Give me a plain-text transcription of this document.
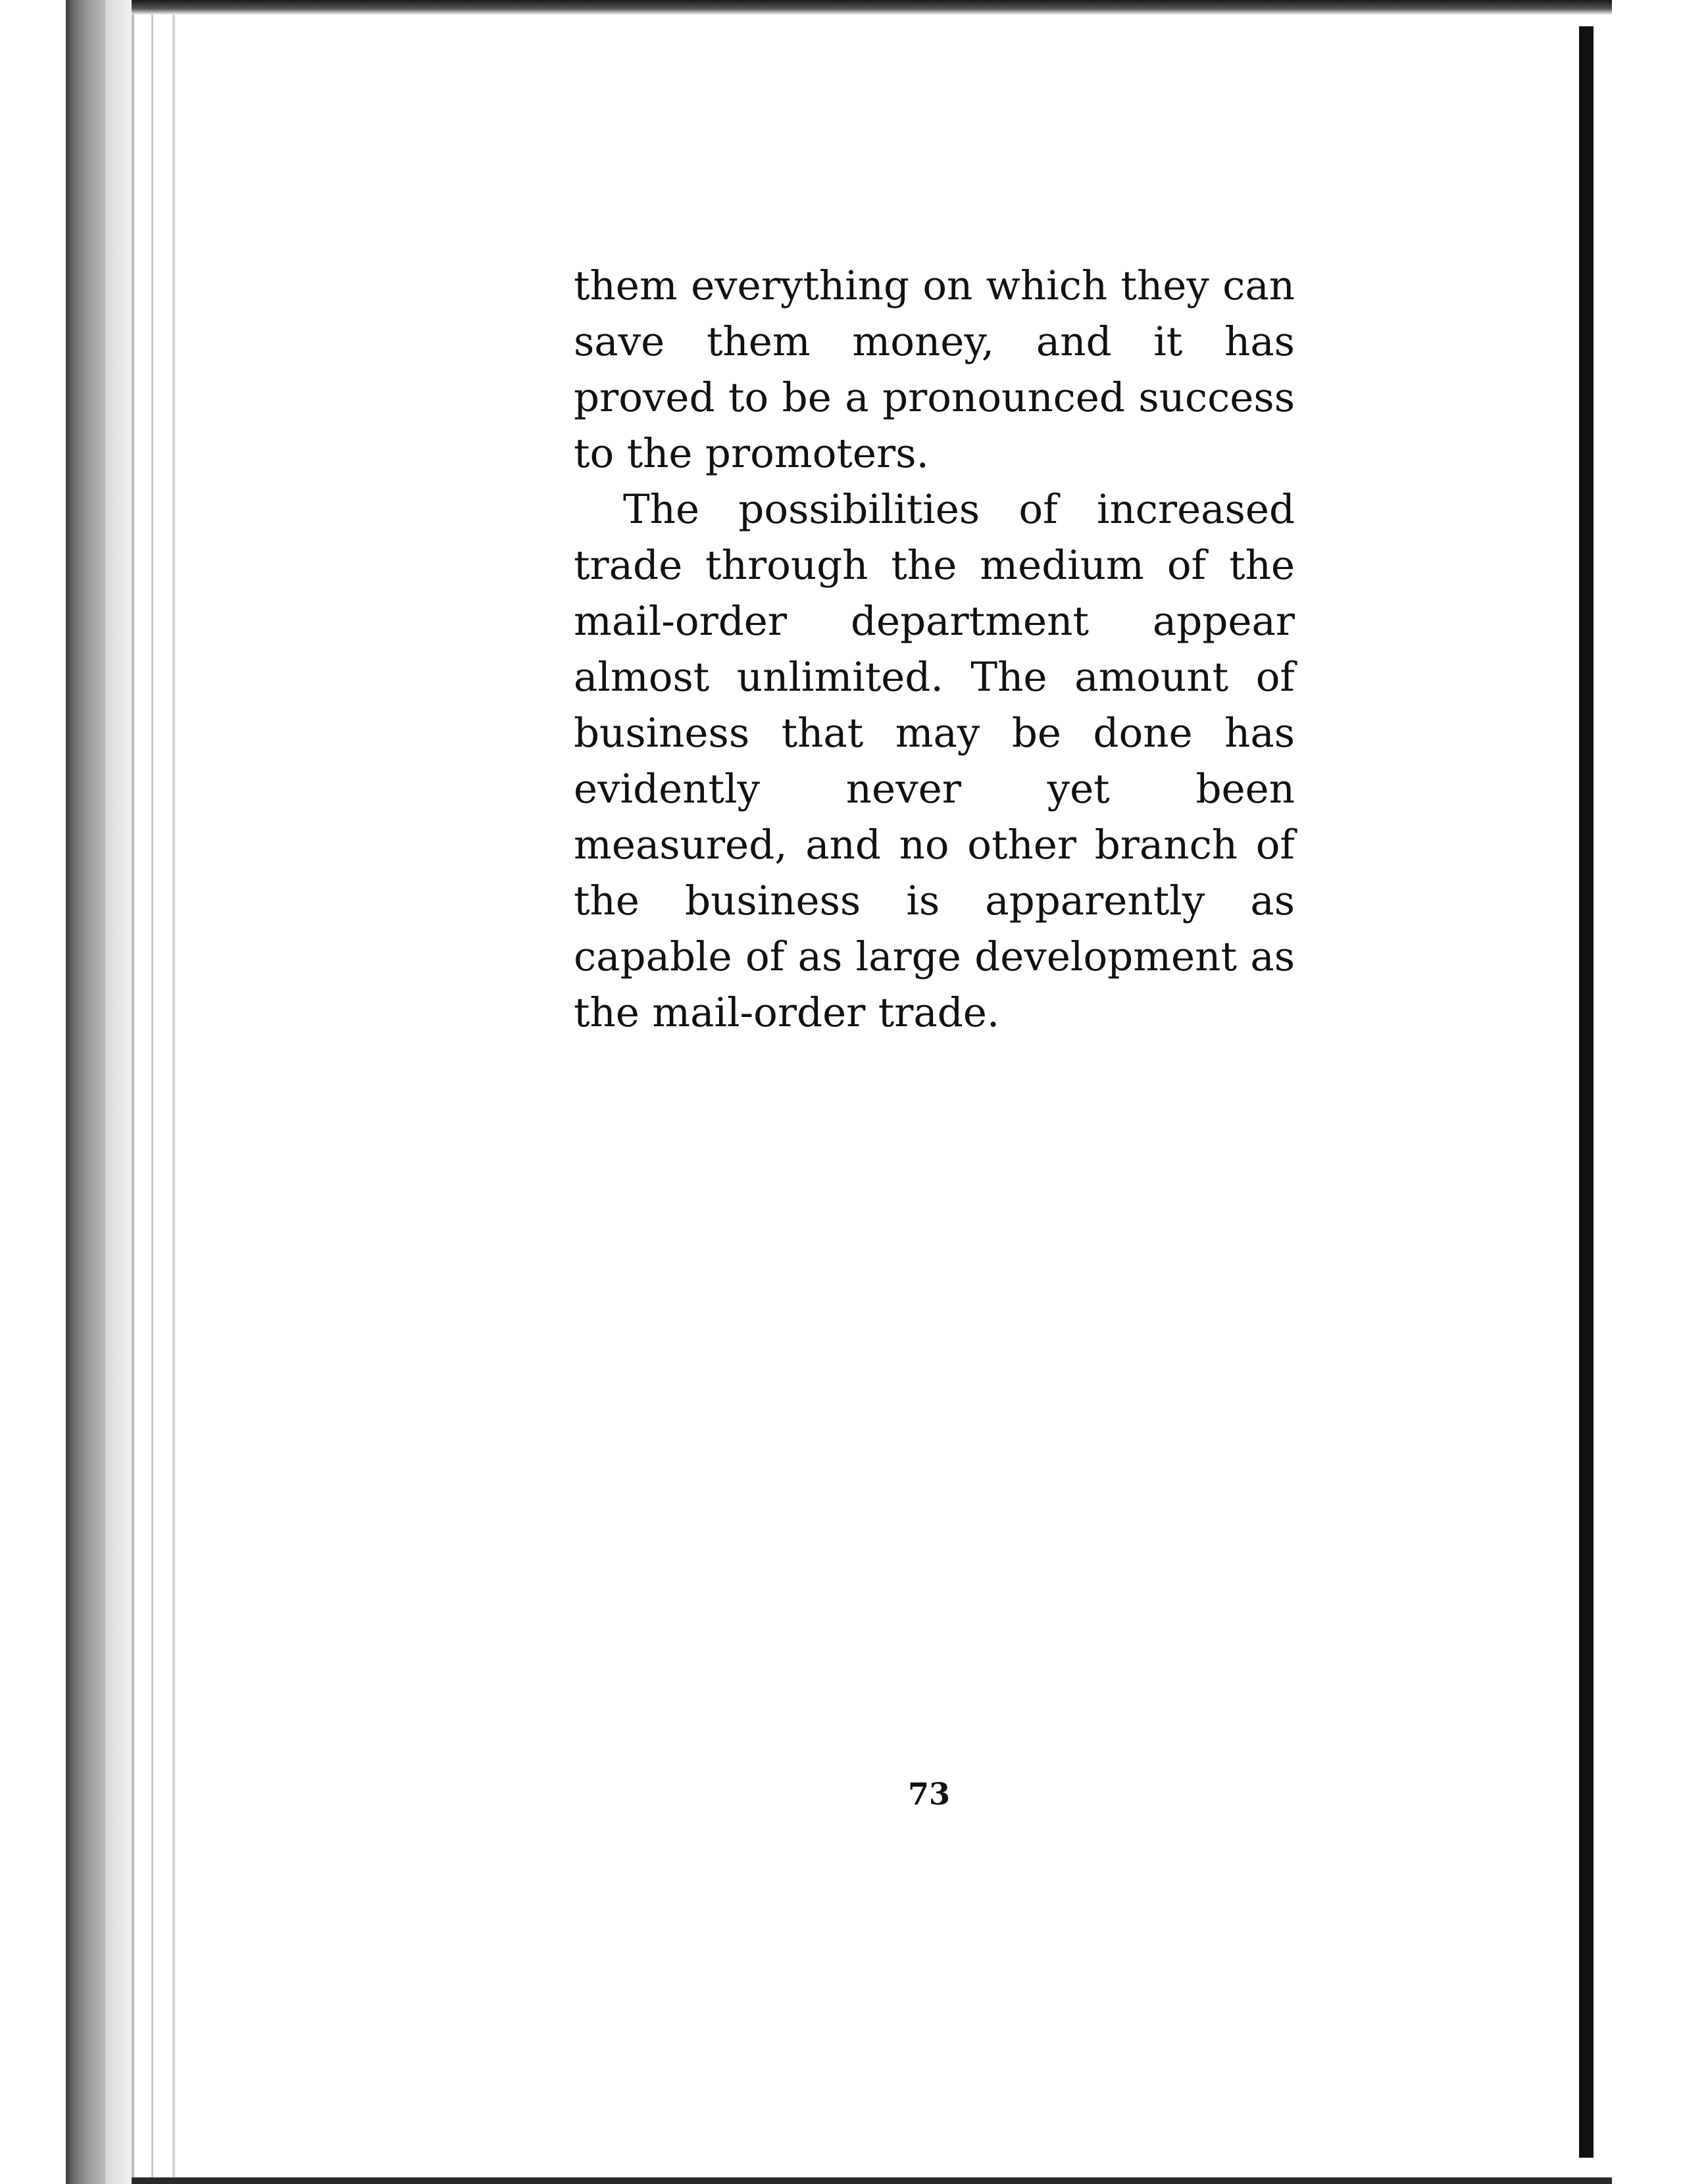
them everything on which they can save them money, and it has proved to be a pronounced success to the promoters.

The possibilities of increased trade through the medium of the mail-order department appear almost unlimited. The amount of business that may be done has evidently never yet been measured, and no other branch of the business is apparently as capable of as large development as the mail-order trade.

73
